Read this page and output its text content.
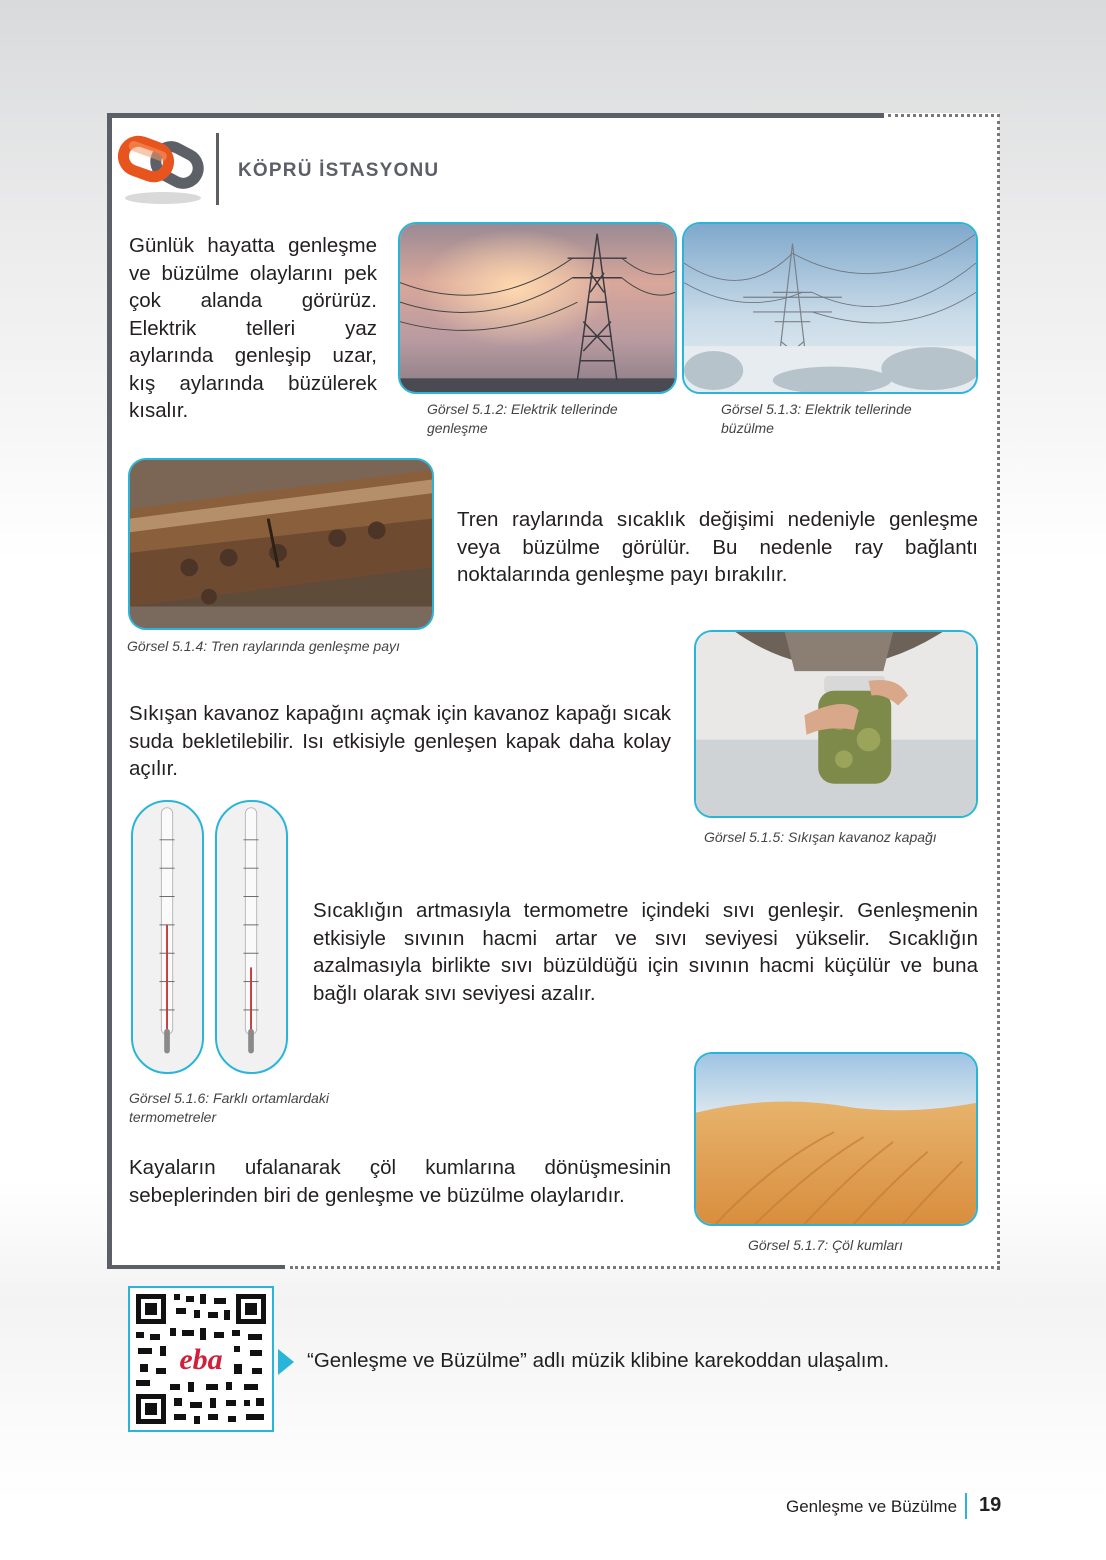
KÖPRÜ İSTASYONU

Günlük hayatta genleşme ve büzülme olaylarını pek çok alanda görürüz. Elektrik telleri yaz aylarında genleşip uzar, kış aylarında büzülerek kısalır.	Görsel 5.1.2: Elektrik tellerinde genleşme

Görsel 5.1.3: Elektrik tellerinde büzülme

Görsel 5.1.4: Tren raylarında genleşme payı

Tren raylarında sıcaklık değişimi nedeniyle genleşme veya büzülme görülür. Bu nedenle ray bağlantı noktalarında genleşme payı bırakılır.

Görsel 5.1.5: Sıkışan kavanoz kapağı

Sıkışan kavanoz kapağını açmak için kavanoz kapağı sıcak suda bekletilebilir. Isı etkisiyle genleşen kapak daha kolay açılır.

Görsel 5.1.6: Farklı ortamlardaki termometreler

Sıcaklığın artmasıyla termometre içindeki sıvı genleşir. Genleşmenin etkisiyle sıvının hacmi artar ve sıvı seviyesi yükselir. Sıcaklığın azalmasıyla birlikte sıvı büzüldüğü için sıvının hacmi küçülür ve buna bağlı olarak sıvı seviyesi azalır.

Görsel 5.1.7: Çöl kumları

Kayaların ufalanarak çöl kumlarına dönüşmesinin sebeplerinden biri de genleşme ve büzülme olaylarıdır.

eba	“Genleşme ve Büzülme” adlı müzik klibine karekoddan ulaşalım.

Genleşme ve Büzülme 19
